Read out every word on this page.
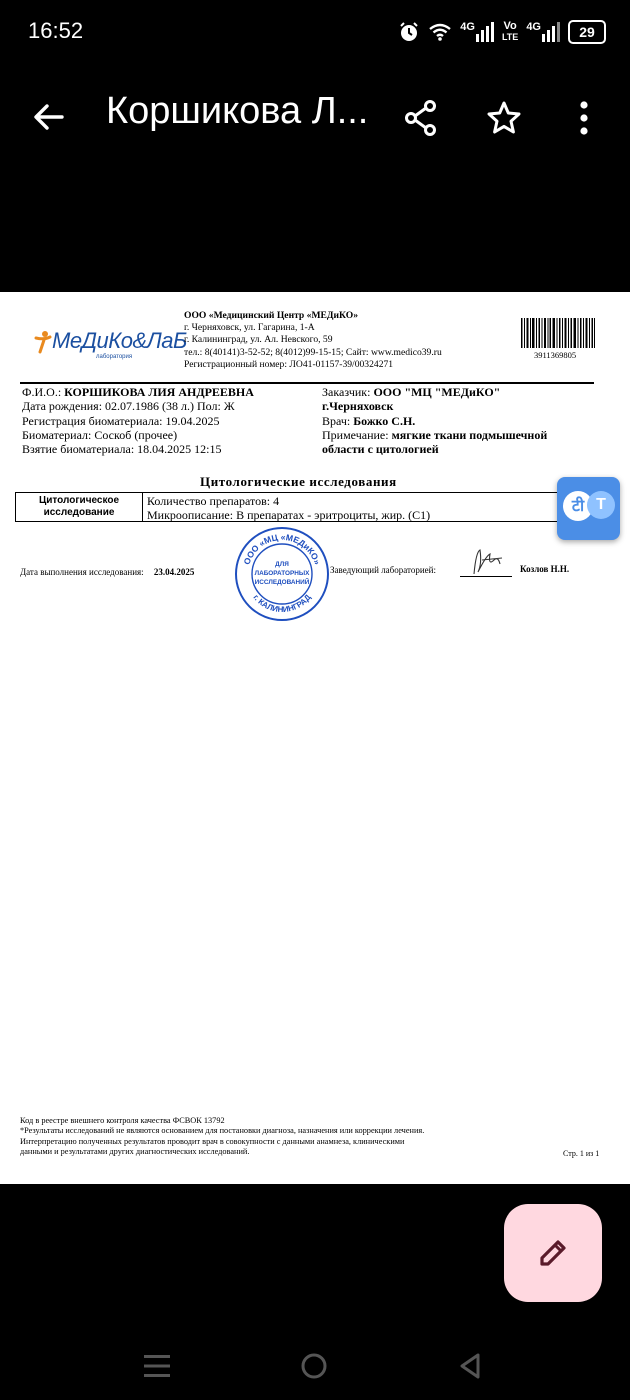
16:52	4G	Vo
LTE
4G	29
Коршикова Л...
МеДиКо&ЛаБ
лаборатория
ООО «Медицинский Центр «МЕДиКО»
г. Черняховск, ул. Гагарина, 1-А
г. Калининград, ул. Ал. Невского, 59
тел.: 8(40141)3-52-52; 8(4012)99-15-15; Сайт: www.medico39.ru
Регистрационный номер: ЛО41-01157-39/00324271
3911369805
Ф.И.О.: КОРШИКОВА ЛИЯ АНДРЕЕВНА
Дата рождения: 02.07.1986 (38 л.) Пол: Ж
Регистрация биоматериала: 19.04.2025
Биоматериал: Соскоб (прочее)
Взятие биоматериала: 18.04.2025 12:15
Заказчик: ООО "МЦ "МЕДиКО"
г.Черняховск
Врач: Божко С.Н.
Примечание: мягкие ткани подмышечной
области с цитологией
Цитологические исследования
Цитологическое исследование
Количество препаратов: 4
Микроописание: В препаратах - эритроциты, жир. (С1)
Дата выполнения исследования: 23.04.2025
ООО «МЦ «МЕДиКО»
г. КАЛИНИНГРАД
ДЛЯ
ЛАБОРАТОРНЫХ
ИССЛЕДОВАНИЙ
Заведующий лабораторией:	Козлов Н.Н.
Код в реестре внешнего контроля качества ФСВОК 13792
*Результаты исследований не являются основанием для постановки диагноза, назначения или коррекции лечения.
Интерпретацию полученных результатов проводит врач в совокупности с данными анамнеза, клиническими
данными и результатами других диагностических исследований.	Стр. 1 из 1
टी T
